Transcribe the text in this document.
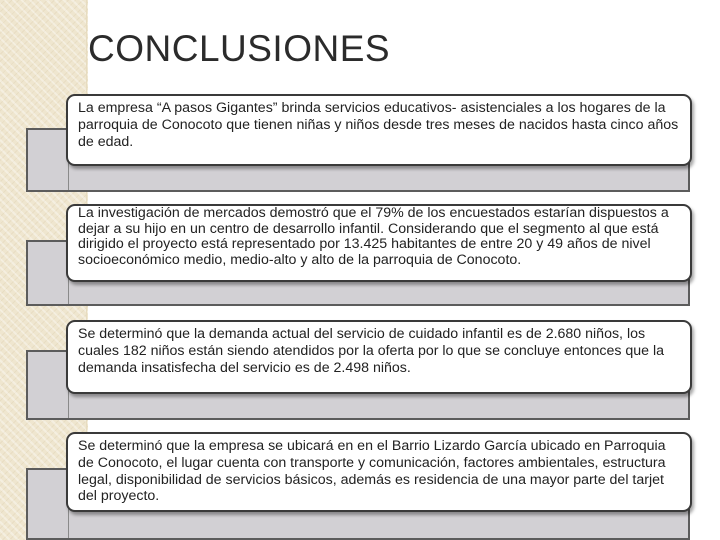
CONCLUSIONES
La empresa “A pasos Gigantes” brinda servicios educativos- asistenciales a los hogares de la parroquia de Conocoto que tienen niñas y niños desde tres meses de nacidos hasta cinco años de edad.
La investigación de mercados demostró que el 79% de los encuestados estarían dispuestos a dejar a su hijo en un centro de desarrollo infantil. Considerando que el segmento al que está dirigido el proyecto está representado por 13.425 habitantes de entre 20 y 49 años de nivel socioeconómico medio, medio-alto y alto de la parroquia de Conocoto.
Se determinó que la demanda actual del servicio de cuidado infantil es de 2.680 niños, los cuales 182 niños están siendo atendidos por la oferta por lo que se concluye entonces que la demanda insatisfecha del servicio es de 2.498 niños.
Se determinó que la empresa se ubicará en en el Barrio Lizardo García ubicado en Parroquia de Conocoto, el lugar cuenta con transporte y comunicación, factores ambientales, estructura legal, disponibilidad de servicios básicos, además es residencia de una mayor parte del tarjet del proyecto.
